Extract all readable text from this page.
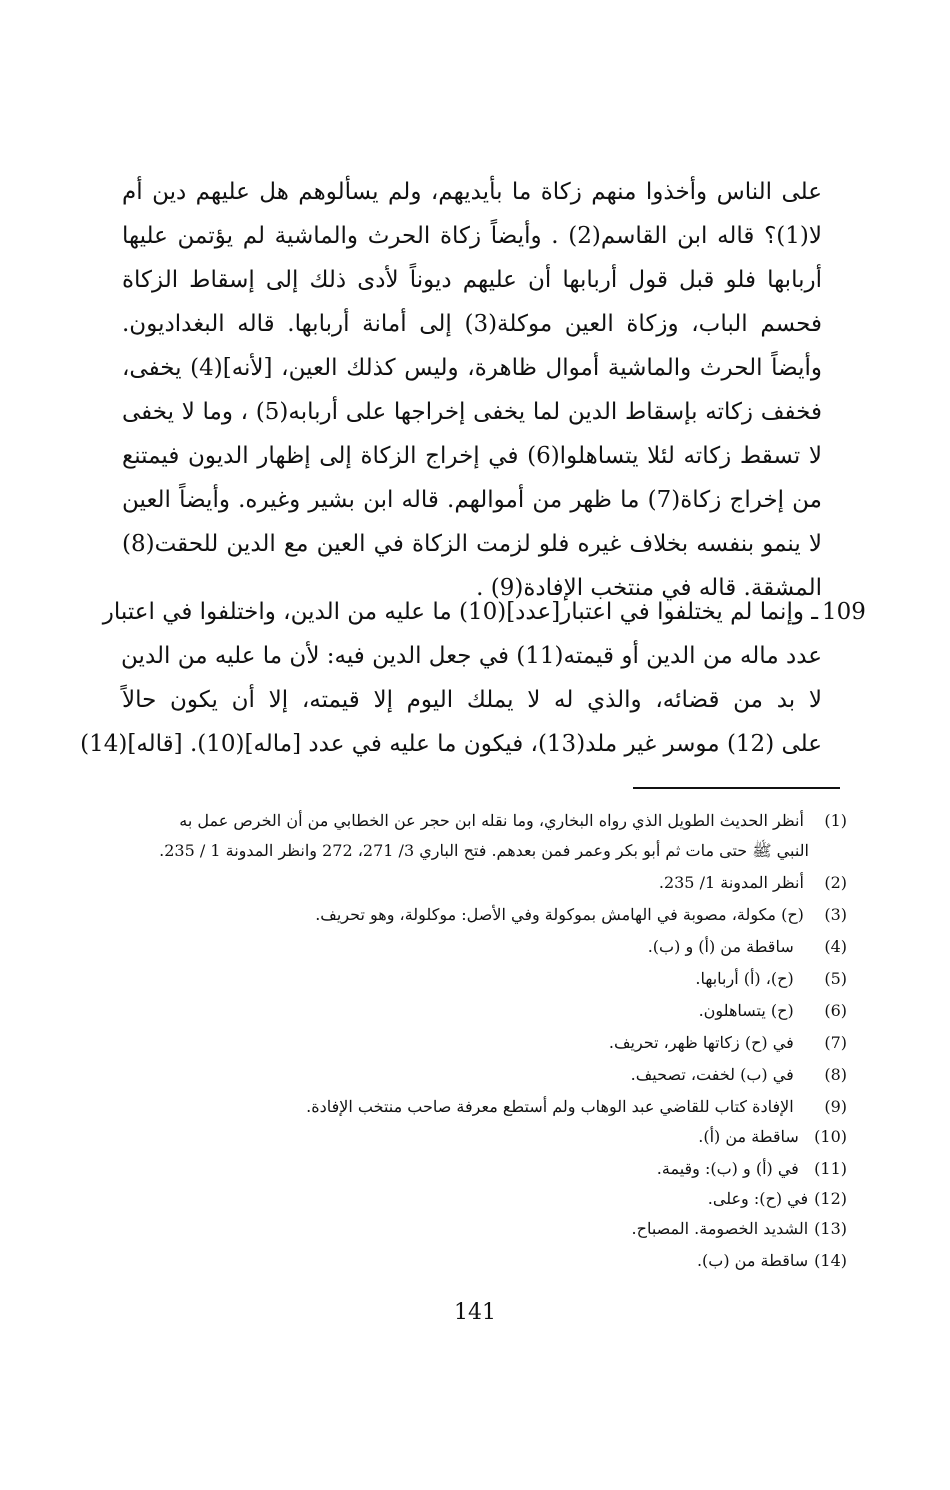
على الناس وأخذوا منهم زكاة ما بأيديهم، ولم يسألوهم هل عليهم دين أم
لا(1)؟ قاله ابن القاسم(2) . وأيضاً زكاة الحرث والماشية لم يؤتمن عليها
أربابها فلو قبل قول أربابها أن عليهم ديوناً لأدى ذلك إلى إسقاط الزكاة
فحسم الباب، وزكاة العين موكلة(3) إلى أمانة أربابها. قاله البغداديون.
وأيضاً الحرث والماشية أموال ظاهرة، وليس كذلك العين، [لأنه](4) يخفى،
فخفف زكاته بإسقاط الدين لما يخفى إخراجها على أربابه(5) ، وما لا يخفى
لا تسقط زكاته لئلا يتساهلوا(6) في إخراج الزكاة إلى إظهار الديون فيمتنع
من إخراج زكاة(7) ما ظهر من أموالهم. قاله ابن بشير وغيره. وأيضاً العين
لا ينمو بنفسه بخلاف غيره فلو لزمت الزكاة في العين مع الدين للحقت(8)
المشقة. قاله في منتخب الإفادة(9) .
109
ـ وإنما لم يختلفوا في اعتبار[عدد](10) ما عليه من الدين، واختلفوا في اعتبار
عدد ماله من الدين أو قيمته(11) في جعل الدين فيه: لأن ما عليه من الدين
لا بد من قضائه، والذي له لا يملك اليوم إلا قيمته، إلا أن يكون حالاً
على (12) موسر غير ملد(13)، فيكون ما عليه في عدد [ماله](10). [قاله](14)
(1) أنظر الحديث الطويل الذي رواه البخاري، وما نقله ابن حجر عن الخطابي من أن الخرص عمل به
النبي ﷺ حتى مات ثم أبو بكر وعمر فمن بعدهم. فتح الباري 3/ 271، 272 وانظر المدونة 1 / 235.
(2) أنظر المدونة 1/ 235.
(3) (ح) مكولة، مصوبة في الهامش بموكولة وفي الأصل: موكلولة، وهو تحريف.
(4)   ساقطة من (أ) و (ب).
(5)   (ح)، (أ) أربابها.
(6)   (ح) يتساهلون.
(7)   في (ح) زكاتها ظهر، تحريف.
(8)   في (ب) لخفت، تصحيف.
(9)   الإفادة كتاب للقاضي عبد الوهاب ولم أستطع معرفة صاحب منتخب الإفادة.
(10)  ساقطة من (أ).
(11)  في (أ) و (ب): وقيمة.
(12)في (ح): وعلى.
(13)الشديد الخصومة. المصباح.
(14)ساقطة من (ب).
141
